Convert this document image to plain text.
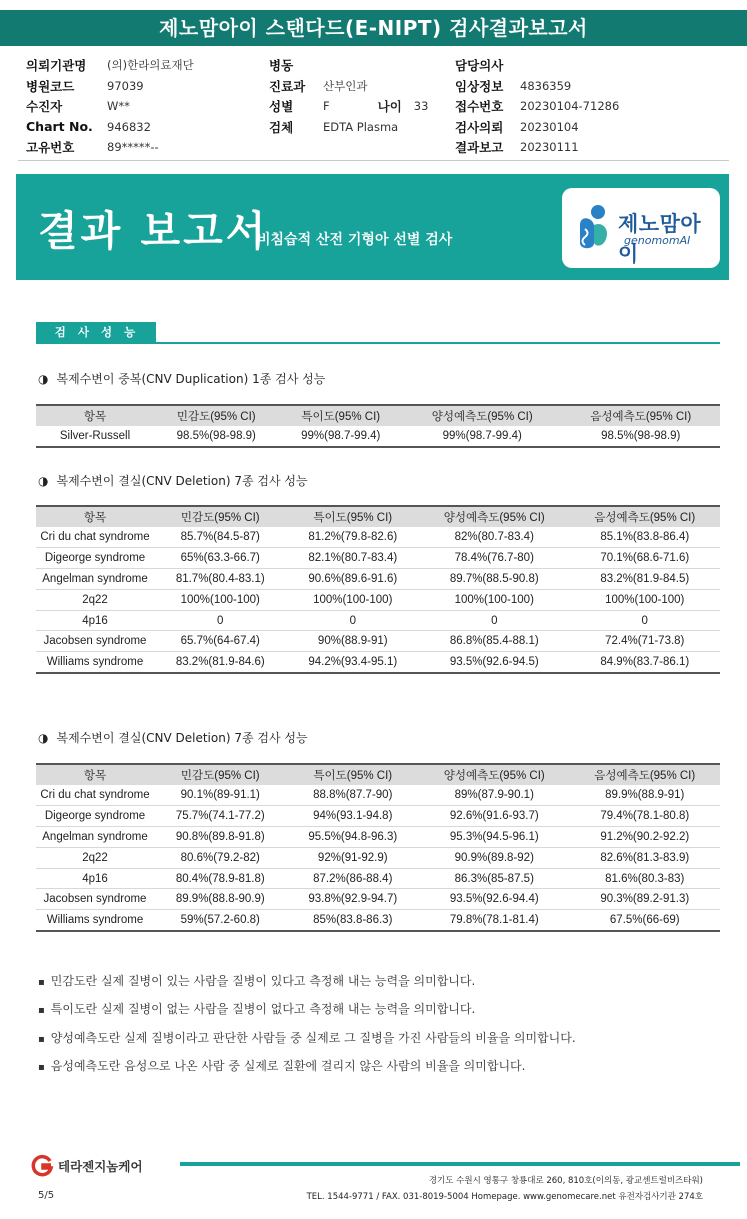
제노맘아이 스탠다드(E-NIPT) 검사결과보고서
의뢰기관명	(의)한라의료재단
병원코드	97039
수진자	W**
Chart No.	946832
고유번호	89*****--
병동
진료과	산부인과
성별	F	나이 33
검체	EDTA Plasma
담당의사
임상정보	4836359
접수번호	20230104-71286
검사의뢰	20230104
결과보고	20230111
결과 보고서
비침습적 산전 기형아 선별 검사
제노맘아이
genomomAI
검사성능
◑ 복제수변이 중복(CNV Duplication) 1종 검사 성능
항목	민감도(95% CI)	특이도(95% CI)	양성예측도(95% CI)	음성예측도(95% CI)
Silver-Russell	98.5%(98-98.9)	99%(98.7-99.4)	99%(98.7-99.4)	98.5%(98-98.9)
◑ 복제수변이 결실(CNV Deletion) 7종 검사 성능
항목	민감도(95% CI)	특이도(95% CI)	양성예측도(95% CI)	음성예측도(95% CI)
Cri du chat syndrome	85.7%(84.5-87)	81.2%(79.8-82.6)	82%(80.7-83.4)	85.1%(83.8-86.4)
Digeorge syndrome	65%(63.3-66.7)	82.1%(80.7-83.4)	78.4%(76.7-80)	70.1%(68.6-71.6)
Angelman syndrome	81.7%(80.4-83.1)	90.6%(89.6-91.6)	89.7%(88.5-90.8)	83.2%(81.9-84.5)
2q22	100%(100-100)	100%(100-100)	100%(100-100)	100%(100-100)
4p16	0	0	0	0
Jacobsen syndrome	65.7%(64-67.4)	90%(88.9-91)	86.8%(85.4-88.1)	72.4%(71-73.8)
Williams syndrome	83.2%(81.9-84.6)	94.2%(93.4-95.1)	93.5%(92.6-94.5)	84.9%(83.7-86.1)
◑ 복제수변이 결실(CNV Deletion) 7종 검사 성능
항목	민감도(95% CI)	특이도(95% CI)	양성예측도(95% CI)	음성예측도(95% CI)
Cri du chat syndrome	90.1%(89-91.1)	88.8%(87.7-90)	89%(87.9-90.1)	89.9%(88.9-91)
Digeorge syndrome	75.7%(74.1-77.2)	94%(93.1-94.8)	92.6%(91.6-93.7)	79.4%(78.1-80.8)
Angelman syndrome	90.8%(89.8-91.8)	95.5%(94.8-96.3)	95.3%(94.5-96.1)	91.2%(90.2-92.2)
2q22	80.6%(79.2-82)	92%(91-92.9)	90.9%(89.8-92)	82.6%(81.3-83.9)
4p16	80.4%(78.9-81.8)	87.2%(86-88.4)	86.3%(85-87.5)	81.6%(80.3-83)
Jacobsen syndrome	89.9%(88.8-90.9)	93.8%(92.9-94.7)	93.5%(92.6-94.4)	90.3%(89.2-91.3)
Williams syndrome	59%(57.2-60.8)	85%(83.8-86.3)	79.8%(78.1-81.4)	67.5%(66-69)
▪ 민감도란 실제 질병이 있는 사람을 질병이 있다고 측정해 내는 능력을 의미합니다.
▪ 특이도란 실제 질병이 없는 사람을 질병이 없다고 측정해 내는 능력을 의미합니다.
▪ 양성예측도란 실제 질병이라고 판단한 사람들 중 실제로 그 질병을 가진 사람들의 비율을 의미합니다.
▪ 음성예측도란 음성으로 나온 사람 중 실제로 질환에 걸리지 않은 사람의 비율을 의미합니다.
테라젠지놈케어
경기도 수원시 영통구 창룡대로 260, 810호(이의동, 광교센트럴비즈타워)
TEL. 1544-9771 / FAX. 031-8019-5004 Homepage. www.genomecare.net 유전자검사기관 274호
5/5
